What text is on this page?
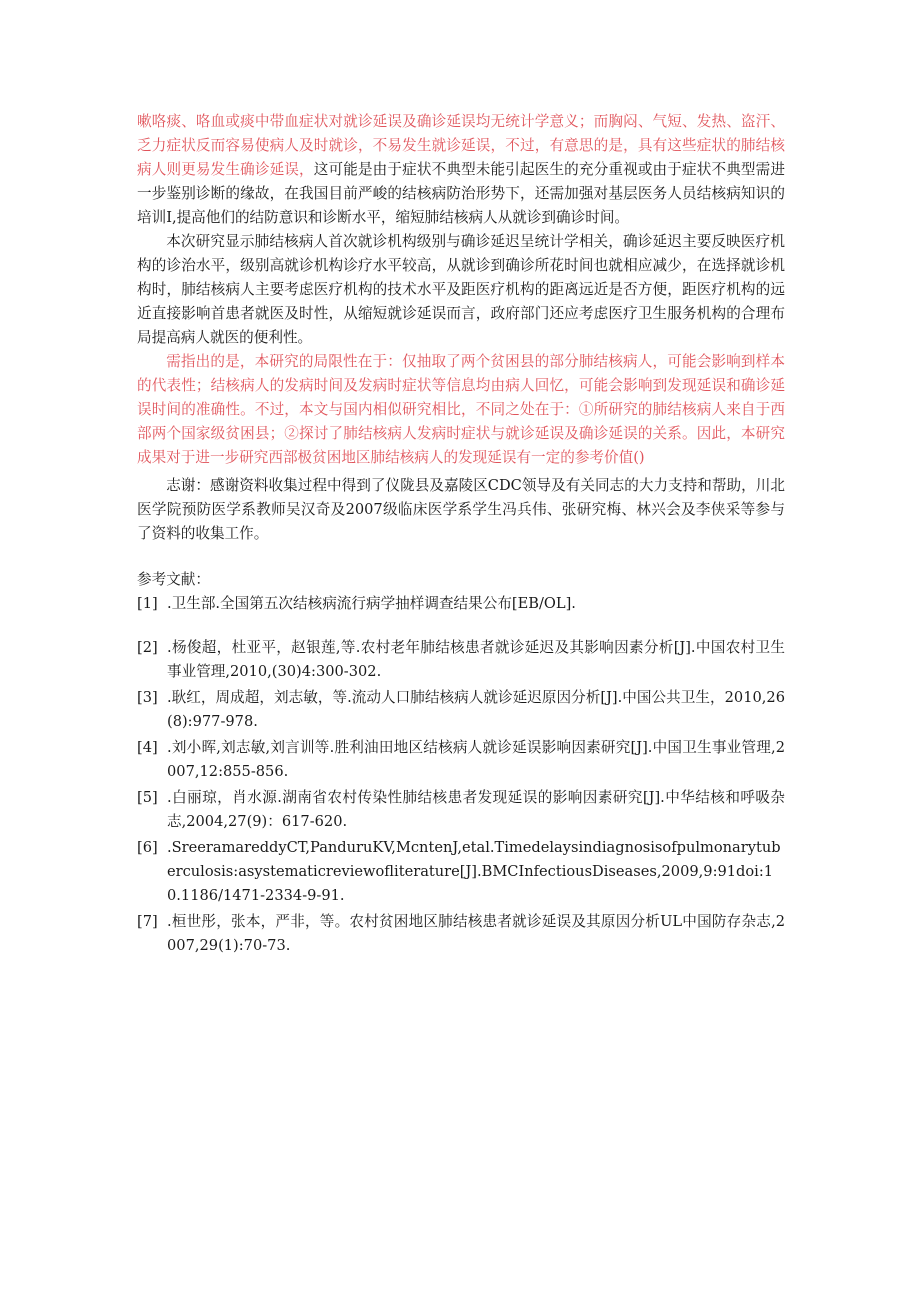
嗽咯痰、咯血或痰中带血症状对就诊延误及确诊延误均无统计学意义；而胸闷、气短、发热、盗汗、乏力症状反而容易使病人及时就诊，不易发生就诊延误，不过，有意思的是，具有这些症状的肺结核病人则更易发生确诊延误，这可能是由于症状不典型未能引起医生的充分重视或由于症状不典型需进一步鉴别诊断的缘故，在我国目前严峻的结核病防治形势下，还需加强对基层医务人员结核病知识的培训I,提高他们的结防意识和诊断水平，缩短肺结核病人从就诊到确诊时间。

本次研究显示肺结核病人首次就诊机构级别与确诊延迟呈统计学相关，确诊延迟主要反映医疗机构的诊治水平，级别高就诊机构诊疗水平较高，从就诊到确诊所花时间也就相应减少，在选择就诊机构时，肺结核病人主要考虑医疗机构的技术水平及距医疗机构的距离远近是否方便，距医疗机构的远近直接影响首患者就医及时性，从缩短就诊延误而言，政府部门还应考虑医疗卫生服务机构的合理布局提高病人就医的便利性。

需指出的是，本研究的局限性在于：仅抽取了两个贫困县的部分肺结核病人，可能会影响到样本的代表性；结核病人的发病时间及发病时症状等信息均由病人回忆，可能会影响到发现延误和确诊延误时间的准确性。不过，本文与国内相似研究相比，不同之处在于：①所研究的肺结核病人来自于西部两个国家级贫困县；②探讨了肺结核病人发病时症状与就诊延误及确诊延误的关系。因此，本研究成果对于进一步研究西部极贫困地区肺结核病人的发现延误有一定的参考价值()

志谢：感谢资料收集过程中得到了仪陇县及嘉陵区CDC领导及有关同志的大力支持和帮助，川北医学院预防医学系教师吴汉奇及2007级临床医学系学生冯兵伟、张研究梅、林兴会及李侠采等参与了资料的收集工作。

参考文献：

[1] .卫生部.全国第五次结核病流行病学抽样调查结果公布[EB/OL].
[2] .杨俊超，杜亚平，赵银莲,等.农村老年肺结核患者就诊延迟及其影响因素分析[J].中国农村卫生事业管理,2010,(30)4:300-302.
[3] .耿红，周成超，刘志敏，等.流动人口肺结核病人就诊延迟原因分析[J].中国公共卫生，2010,26(8):977-978.
[4] .刘小晖,刘志敏,刘言训等.胜利油田地区结核病人就诊延误影响因素研究[J].中国卫生事业管理,2007,12:855-856.
[5] .白丽琼，肖水源.湖南省农村传染性肺结核患者发现延误的影响因素研究[J].中华结核和呼吸杂志,2004,27(9)：617-620.
[6] .SreeramareddyCT,PanduruKV,McntenJ,etal.Timedelaysindiagnosisofpulmonarytuberculosis:asystematicreviewofliterature[J].BMCInfectiousDiseases,2009,9:91doi:10.1186/1471-2334-9-91.
[7] .桓世彤，张本，严非，等。农村贫困地区肺结核患者就诊延误及其原因分析UL中国防存杂志,2007,29(1):70-73.
